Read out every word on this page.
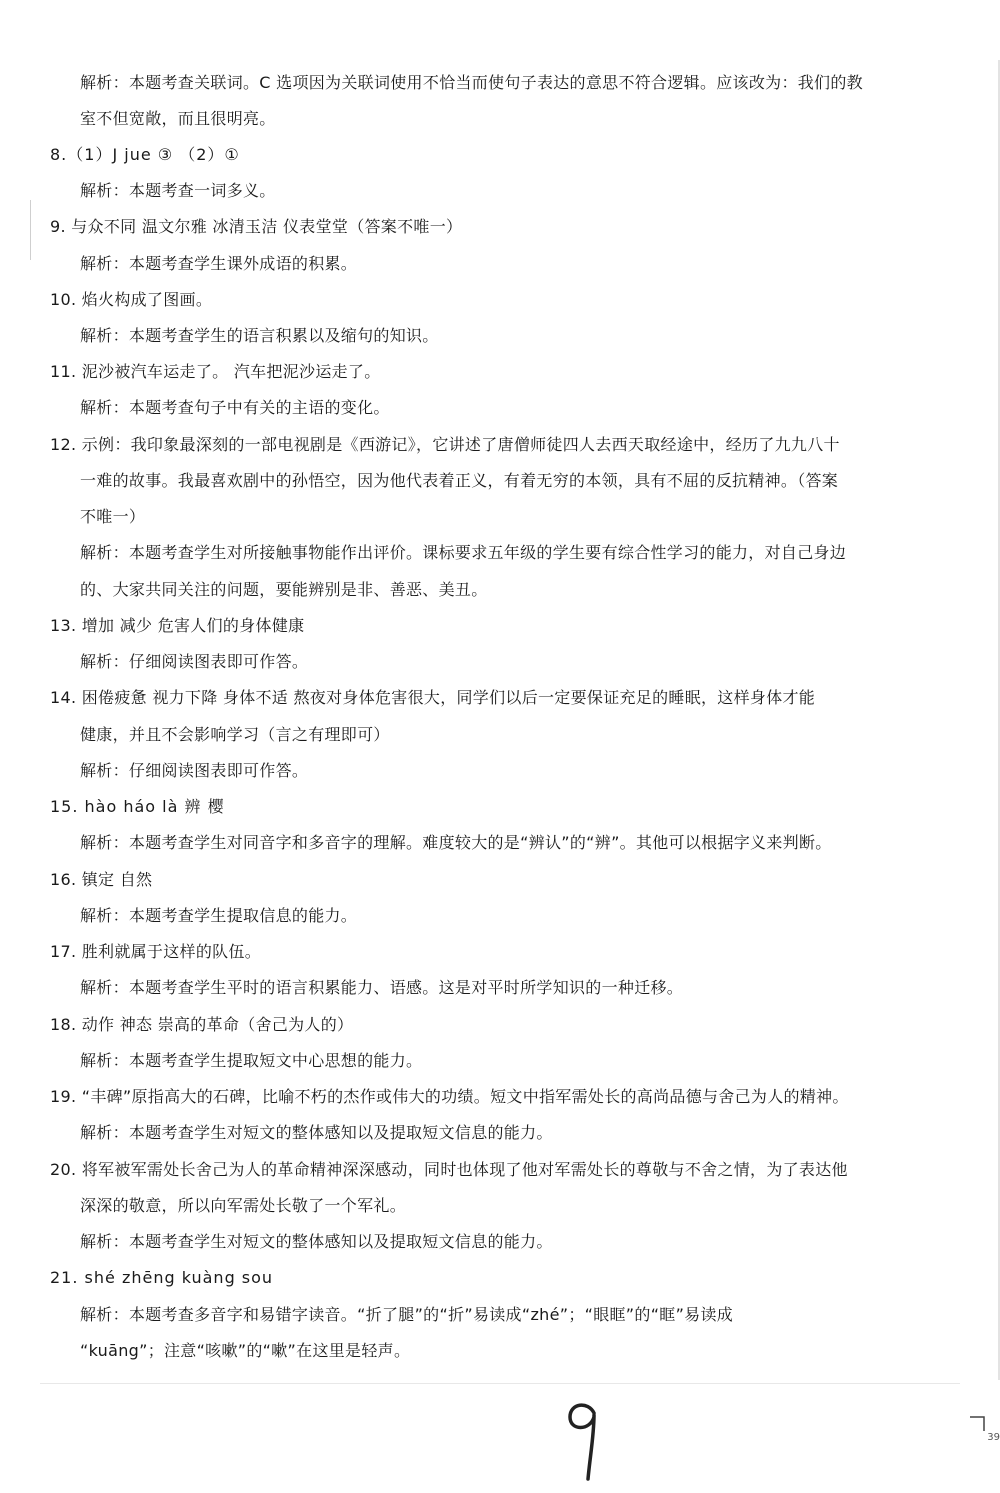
解析：本题考查关联词。C 选项因为关联词使用不恰当而使句子表达的意思不符合逻辑。应该改为：我们的教
室不但宽敞，而且很明亮。
8.（1）J jue ③ （2）①
解析：本题考查一词多义。
9. 与众不同 温文尔雅 冰清玉洁 仪表堂堂（答案不唯一）
解析：本题考查学生课外成语的积累。
10. 焰火构成了图画。
解析：本题考查学生的语言积累以及缩句的知识。
11. 泥沙被汽车运走了。 汽车把泥沙运走了。
解析：本题考查句子中有关的主语的变化。
12. 示例：我印象最深刻的一部电视剧是《西游记》，它讲述了唐僧师徒四人去西天取经途中，经历了九九八十
一难的故事。我最喜欢剧中的孙悟空，因为他代表着正义，有着无穷的本领，具有不屈的反抗精神。（答案
不唯一）
解析：本题考查学生对所接触事物能作出评价。课标要求五年级的学生要有综合性学习的能力，对自己身边
的、大家共同关注的问题，要能辨别是非、善恶、美丑。
13. 增加 减少 危害人们的身体健康
解析：仔细阅读图表即可作答。
14. 困倦疲惫 视力下降 身体不适 熬夜对身体危害很大，同学们以后一定要保证充足的睡眠，这样身体才能
健康，并且不会影响学习（言之有理即可）
解析：仔细阅读图表即可作答。
15. hào háo là 辨 樱
解析：本题考查学生对同音字和多音字的理解。难度较大的是“辨认”的“辨”。其他可以根据字义来判断。
16. 镇定 自然
解析：本题考查学生提取信息的能力。
17. 胜利就属于这样的队伍。
解析：本题考查学生平时的语言积累能力、语感。这是对平时所学知识的一种迁移。
18. 动作 神态 崇高的革命（舍己为人的）
解析：本题考查学生提取短文中心思想的能力。
19. “丰碑”原指高大的石碑，比喻不朽的杰作或伟大的功绩。短文中指军需处长的高尚品德与舍己为人的精神。
解析：本题考查学生对短文的整体感知以及提取短文信息的能力。
20. 将军被军需处长舍己为人的革命精神深深感动，同时也体现了他对军需处长的尊敬与不舍之情，为了表达他
深深的敬意，所以向军需处长敬了一个军礼。
解析：本题考查学生对短文的整体感知以及提取短文信息的能力。
21. shé zhēng kuàng sou
解析：本题考查多音字和易错字读音。“折了腿”的“折”易读成“zhé”；“眼眶”的“眶”易读成
“kuāng”；注意“咳嗽”的“嗽”在这里是轻声。
39
